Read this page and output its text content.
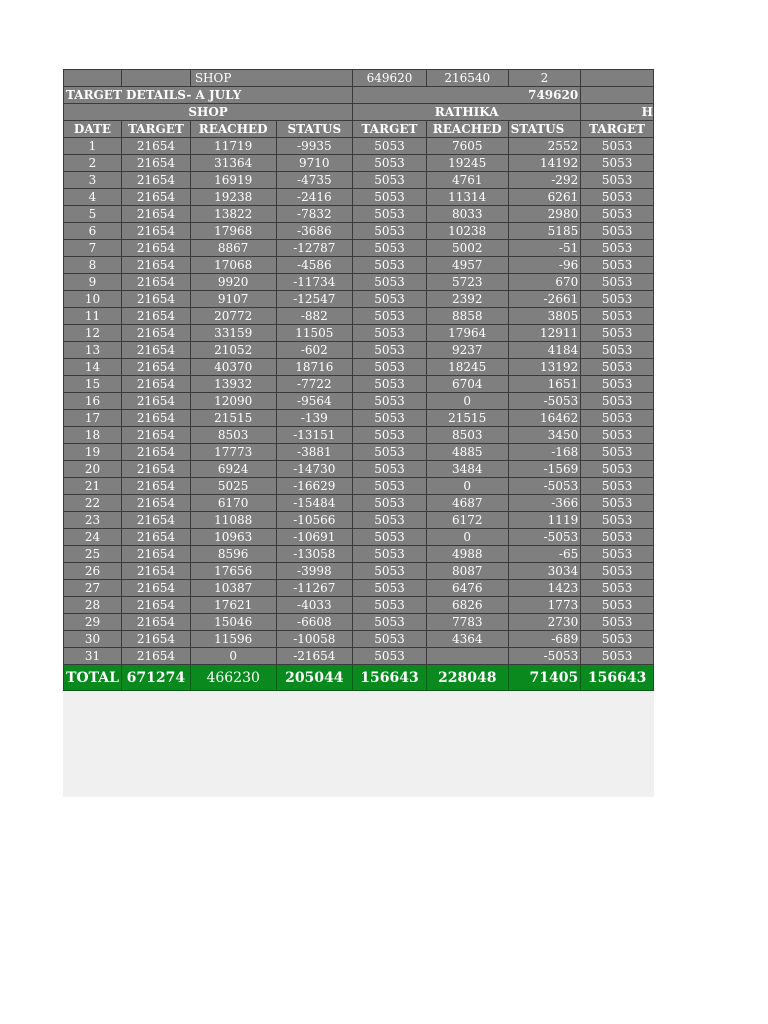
		SHOP		649620	216540	2	
TARGET DETAILS- A JULY				749620			
SHOP				RATHIKA			H
DATE	TARGET	REACHED	STATUS	TARGET	REACHED	STATUS	TARGET
1	21654	11719	-9935	5053	7605	2552	5053
2	21654	31364	9710	5053	19245	14192	5053
3	21654	16919	-4735	5053	4761	-292	5053
4	21654	19238	-2416	5053	11314	6261	5053
5	21654	13822	-7832	5053	8033	2980	5053
6	21654	17968	-3686	5053	10238	5185	5053
7	21654	8867	-12787	5053	5002	-51	5053
8	21654	17068	-4586	5053	4957	-96	5053
9	21654	9920	-11734	5053	5723	670	5053
10	21654	9107	-12547	5053	2392	-2661	5053
11	21654	20772	-882	5053	8858	3805	5053
12	21654	33159	11505	5053	17964	12911	5053
13	21654	21052	-602	5053	9237	4184	5053
14	21654	40370	18716	5053	18245	13192	5053
15	21654	13932	-7722	5053	6704	1651	5053
16	21654	12090	-9564	5053	0	-5053	5053
17	21654	21515	-139	5053	21515	16462	5053
18	21654	8503	-13151	5053	8503	3450	5053
19	21654	17773	-3881	5053	4885	-168	5053
20	21654	6924	-14730	5053	3484	-1569	5053
21	21654	5025	-16629	5053	0	-5053	5053
22	21654	6170	-15484	5053	4687	-366	5053
23	21654	11088	-10566	5053	6172	1119	5053
24	21654	10963	-10691	5053	0	-5053	5053
25	21654	8596	-13058	5053	4988	-65	5053
26	21654	17656	-3998	5053	8087	3034	5053
27	21654	10387	-11267	5053	6476	1423	5053
28	21654	17621	-4033	5053	6826	1773	5053
29	21654	15046	-6608	5053	7783	2730	5053
30	21654	11596	-10058	5053	4364	-689	5053
31	21654	0	-21654	5053		-5053	5053
TOTAL	671274	466230	205044	156643	228048	71405	156643
